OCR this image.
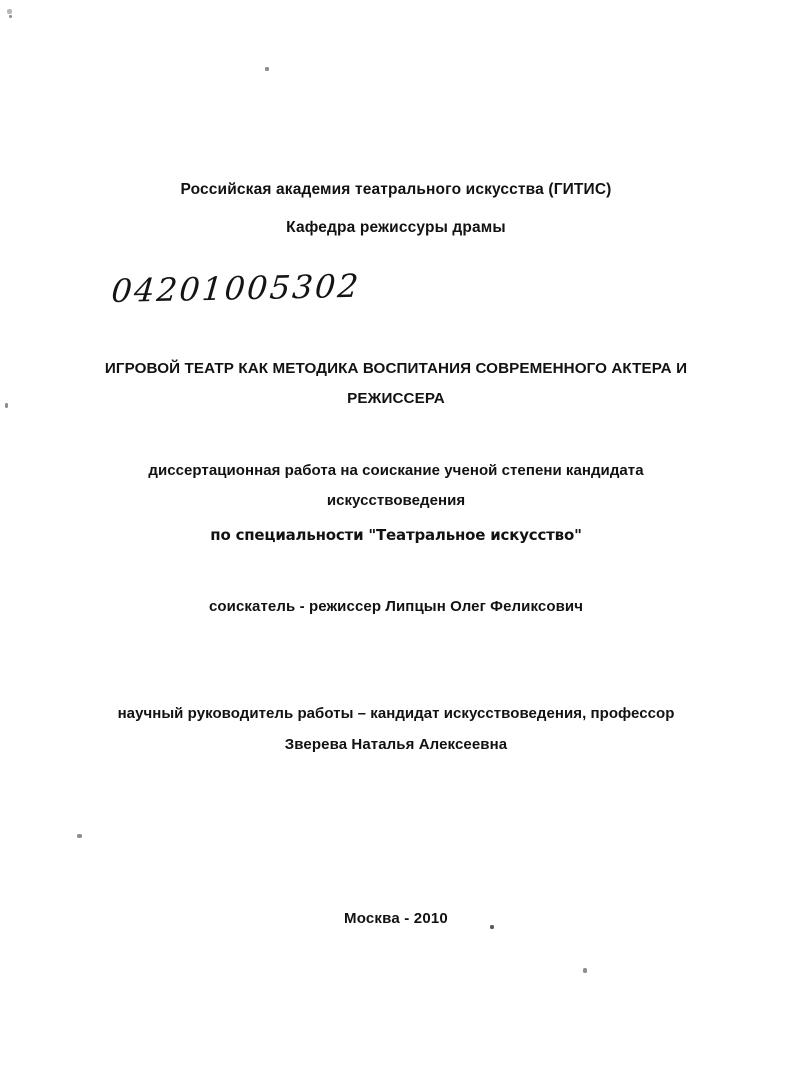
Российская академия театрального искусства (ГИТИС)
Кафедра режиссуры драмы
04201005302
ИГРОВОЙ ТЕАТР КАК МЕТОДИКА ВОСПИТАНИЯ СОВРЕМЕННОГО АКТЕРА И
РЕЖИССЕРА
диссертационная работа на соискание ученой степени кандидата
искусствоведения
по специальности "Театральное искусство"
соискатель - режиссер Липцын Олег Феликсович
научный руководитель работы – кандидат искусствоведения, профессор
Зверева Наталья Алексеевна
Москва - 2010
